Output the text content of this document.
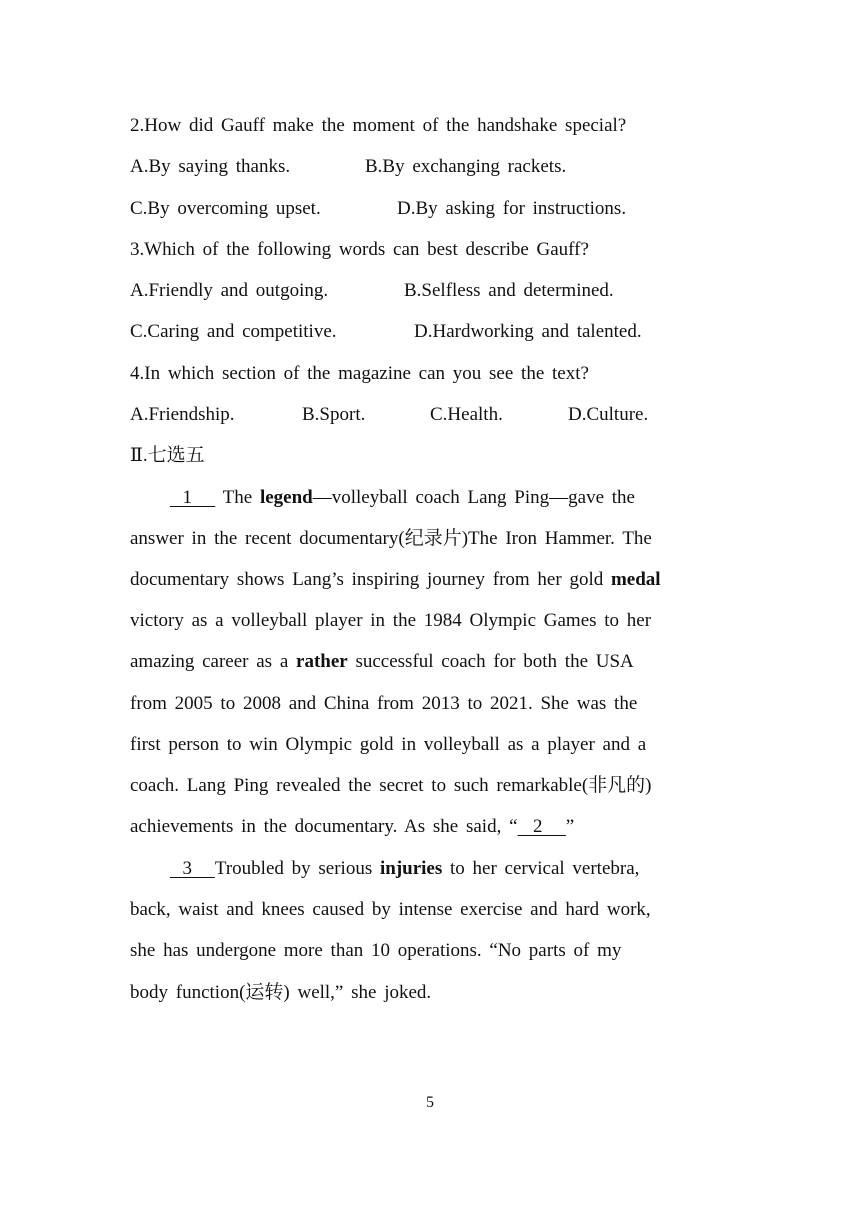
2.How did Gauff make the moment of the handshake special?
A.By saying thanks.	B.By exchanging rackets.
C.By overcoming upset.	D.By asking for instructions.
3.Which of the following words can best describe Gauff?
A.Friendly and outgoing.	B.Selfless and determined.
C.Caring and competitive.	D.Hardworking and talented.
4.In which section of the magazine can you see the text?
A.Friendship.	B.Sport.	C.Health.	D.Culture.
Ⅱ.七选五
1    The legend—volleyball coach Lang Ping—gave the
answer in the recent documentary(纪录片)The Iron Hammer. The
documentary shows Lang’s inspiring journey from her gold medal
victory as a volleyball player in the 1984 Olympic Games to her
amazing career as a rather successful coach for both the USA
from 2005 to 2008 and China from 2013 to 2021. She was the
first person to win Olympic gold in volleyball as a player and a
coach. Lang Ping revealed the secret to such remarkable(非凡的)
achievements in the documentary. As she said, “  2   ”
3   Troubled by serious injuries to her cervical vertebra,
back, waist and knees caused by intense exercise and hard work,
she has undergone more than 10 operations. “No parts of my
body function(运转) well,” she joked.
5
